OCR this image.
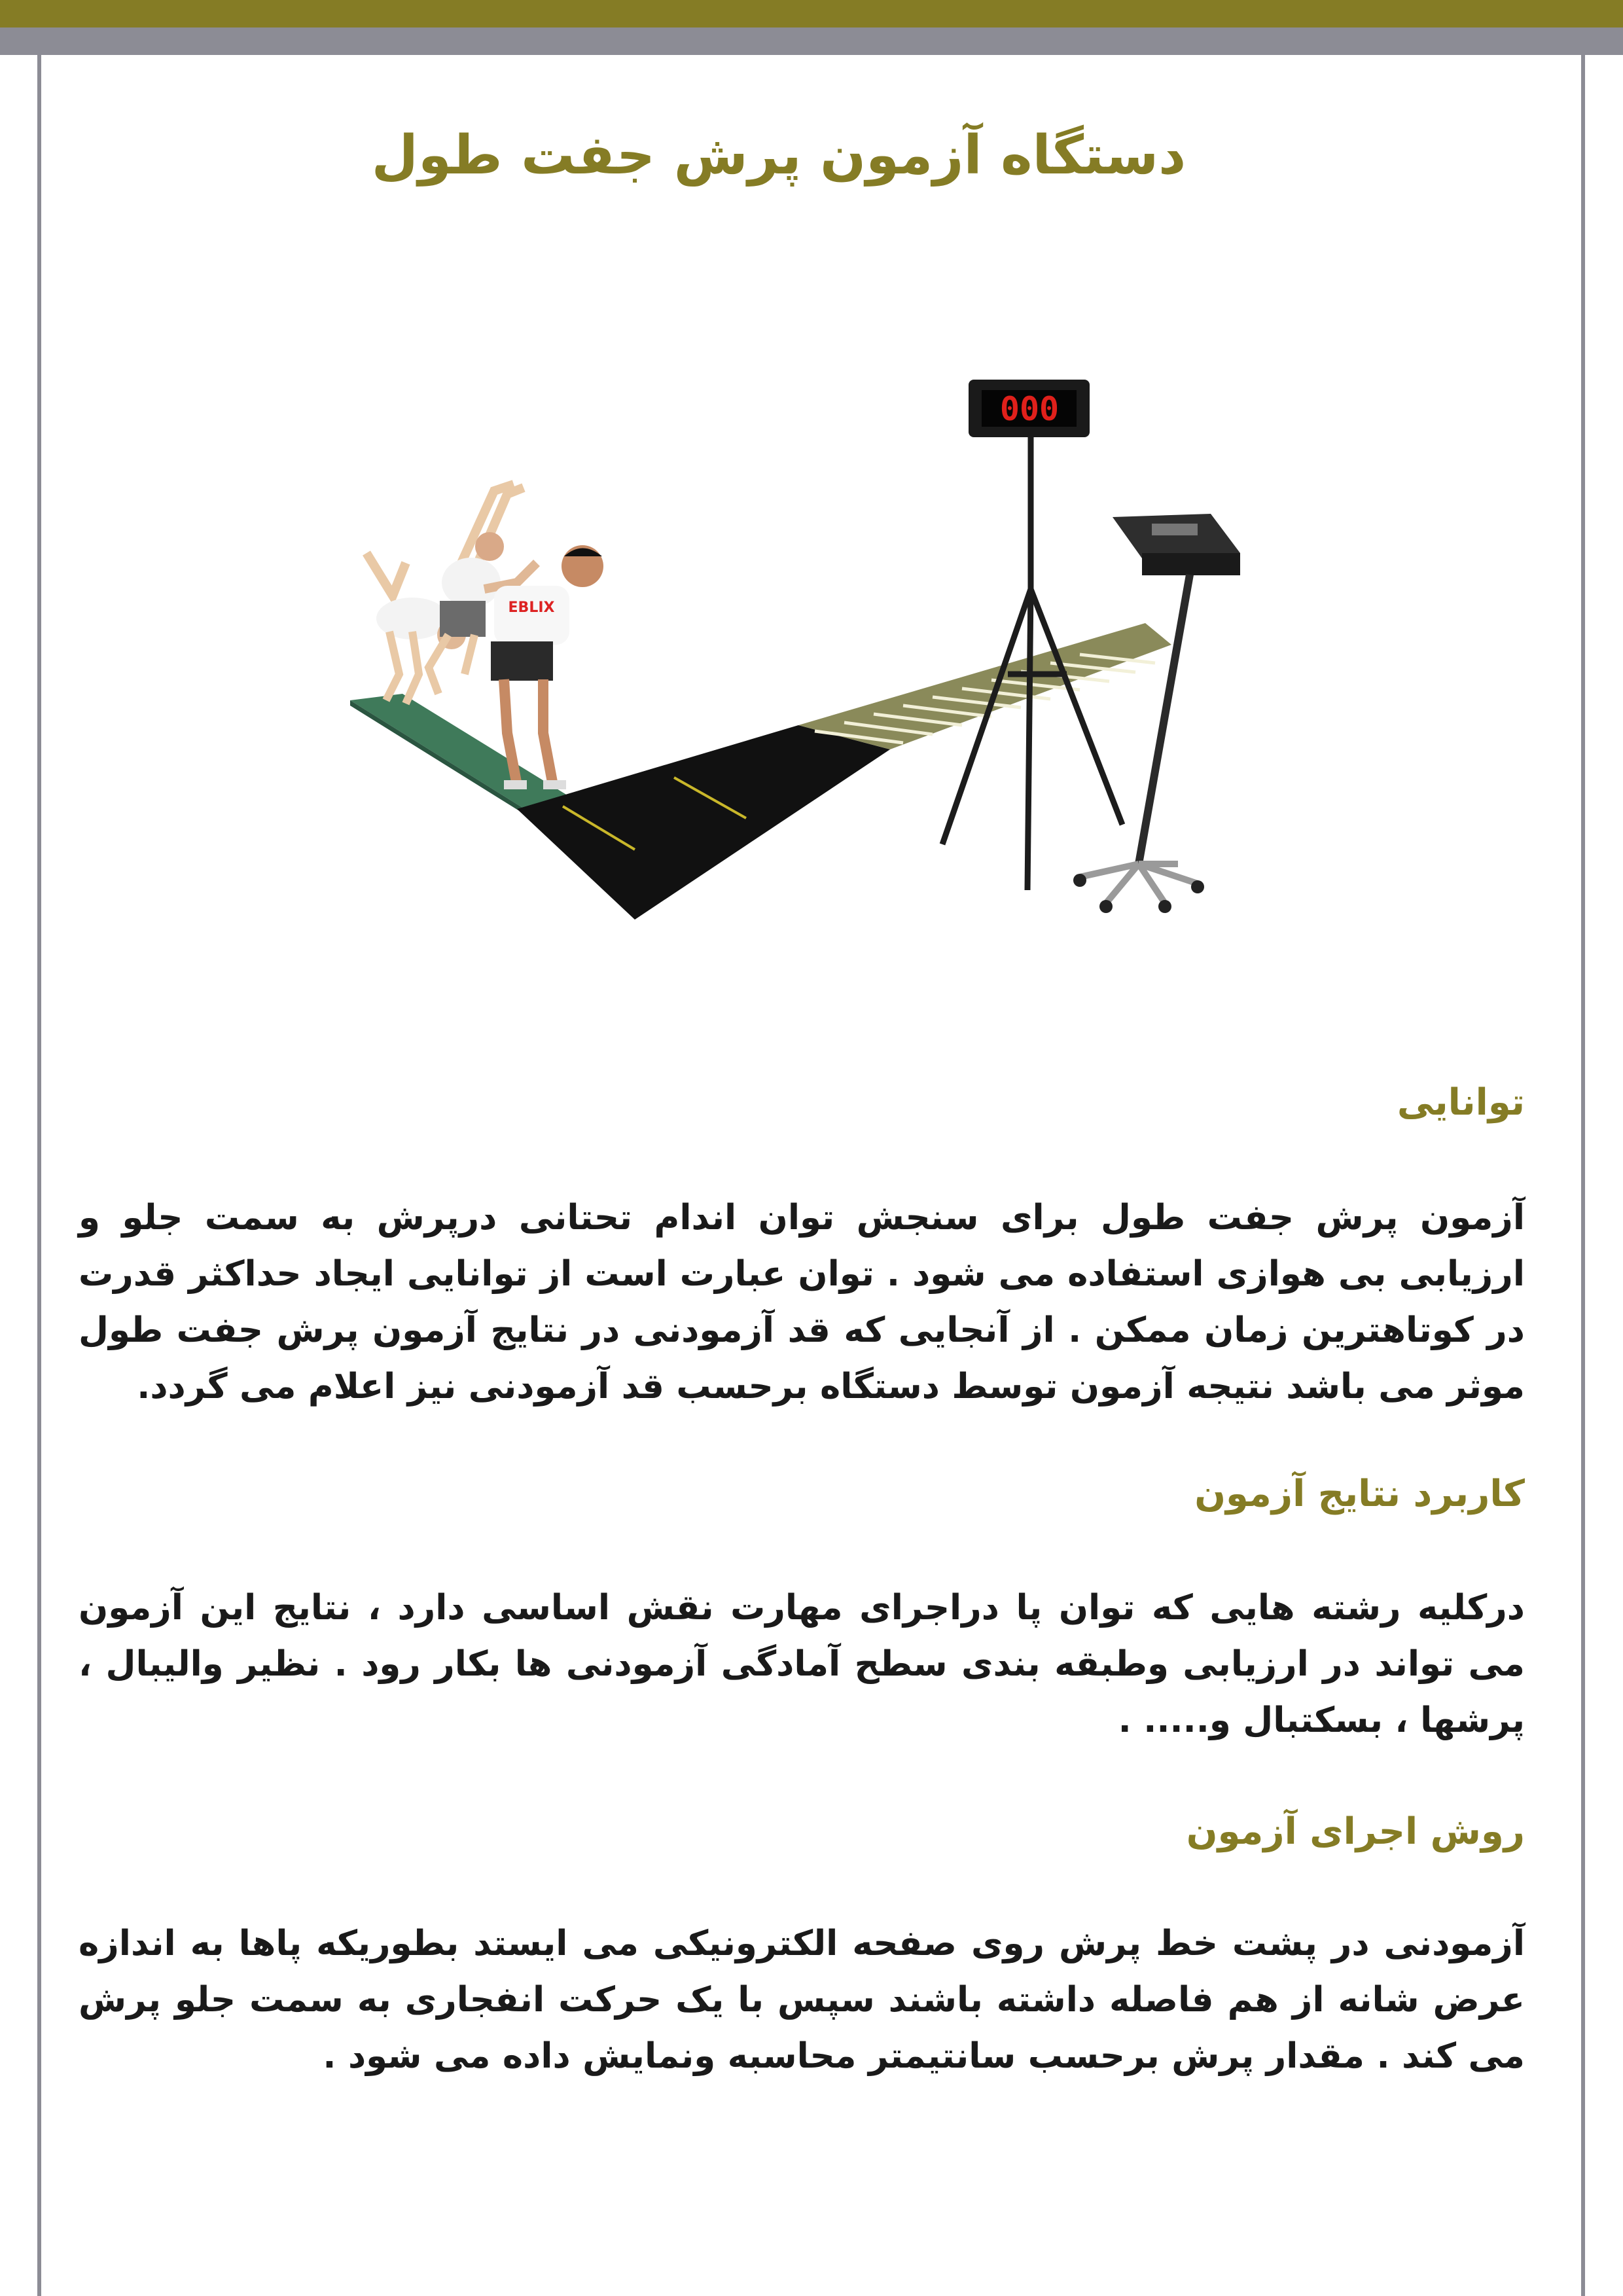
دستگاه آزمون پرش جفت طول
000
EBLIX
توانایی
آزمون پرش جفت طول برای سنجش توان اندام تحتانی درپرش به سمت جلو و ارزیابی بی‌ هوازی استفاده می شود . توان عبارت است از توانایی ایجاد حداکثر قدرت در کوتاهترین زمان ممکن . از آنجایی که قد آزمودنی در نتایج آزمون پرش جفت طول موثر می باشد نتیجه آزمون توسط دستگاه برحسب قد آزمودنی نیز اعلام می گردد.
کاربرد نتایج آزمون
درکلیه رشته هایی که توان پا دراجرای مهارت نقش اساسی دارد ، نتایج این آزمون می تواند در ارزیابی وطبقه بندی سطح آمادگی آزمودنی ها بکار رود . نظیر والیبال ، پرشها ، بسکتبال و..... .
روش اجرای آزمون
آزمودنی در پشت خط پرش روی صفحه الکترونیکی می ایستد بطوریکه پاها به اندازه عرض شانه از هم فاصله داشته باشند سپس با یک حرکت انفجاری به سمت جلو پرش می کند . مقدار پرش برحسب سانتیمتر محاسبه ونمایش داده می شود .
